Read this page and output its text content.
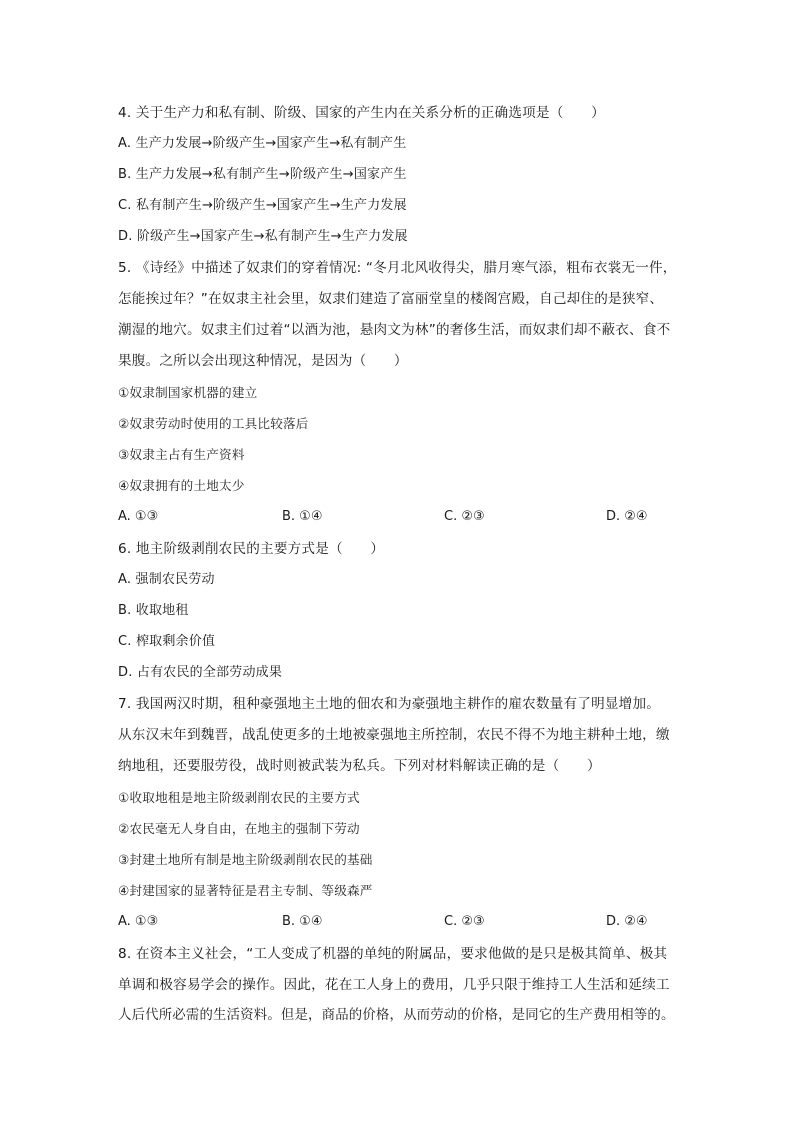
4. 关于生产力和私有制、阶级、国家的产生内在关系分析的正确选项是（　　）
A. 生产力发展→阶级产生→国家产生→私有制产生
B. 生产力发展→私有制产生→阶级产生→国家产生
C. 私有制产生→阶级产生→国家产生→生产力发展
D. 阶级产生→国家产生→私有制产生→生产力发展
5. 《诗经》中描述了奴隶们的穿着情况: “冬月北风收得尖，腊月寒气添，粗布衣裳无一件，
怎能挨过年？”在奴隶主社会里，奴隶们建造了富丽堂皇的楼阁宫殿，自己却住的是狭窄、
潮湿的地穴。奴隶主们过着“以酒为池，悬肉文为林”的奢侈生活，而奴隶们却不蔽衣、食不
果腹。之所以会出现这种情况，是因为（　　）
①奴隶制国家机器的建立
②奴隶劳动时使用的工具比较落后
③奴隶主占有生产资料
④奴隶拥有的土地太少
A. ①③	B. ①④	C. ②③	D. ②④
6. 地主阶级剥削农民的主要方式是（　　）
A. 强制农民劳动
B. 收取地租
C. 榨取剩余价值
D. 占有农民的全部劳动成果
7. 我国两汉时期，租种豪强地主土地的佃农和为豪强地主耕作的雇农数量有了明显增加。
从东汉末年到魏晋，战乱使更多的土地被豪强地主所控制，农民不得不为地主耕种土地，缴
纳地租，还要服劳役，战时则被武装为私兵。下列对材料解读正确的是（　　）
①收取地租是地主阶级剥削农民的主要方式
②农民毫无人身自由，在地主的强制下劳动
③封建土地所有制是地主阶级剥削农民的基础
④封建国家的显著特征是君主专制、等级森严
A. ①③	B. ①④	C. ②③	D. ②④
8. 在资本主义社会，“工人变成了机器的单纯的附属品，要求他做的是只是极其简单、极其
单调和极容易学会的操作。因此，花在工人身上的费用，几乎只限于维持工人生活和延续工
人后代所必需的生活资料。但是，商品的价格，从而劳动的价格，是同它的生产费用相等的。
